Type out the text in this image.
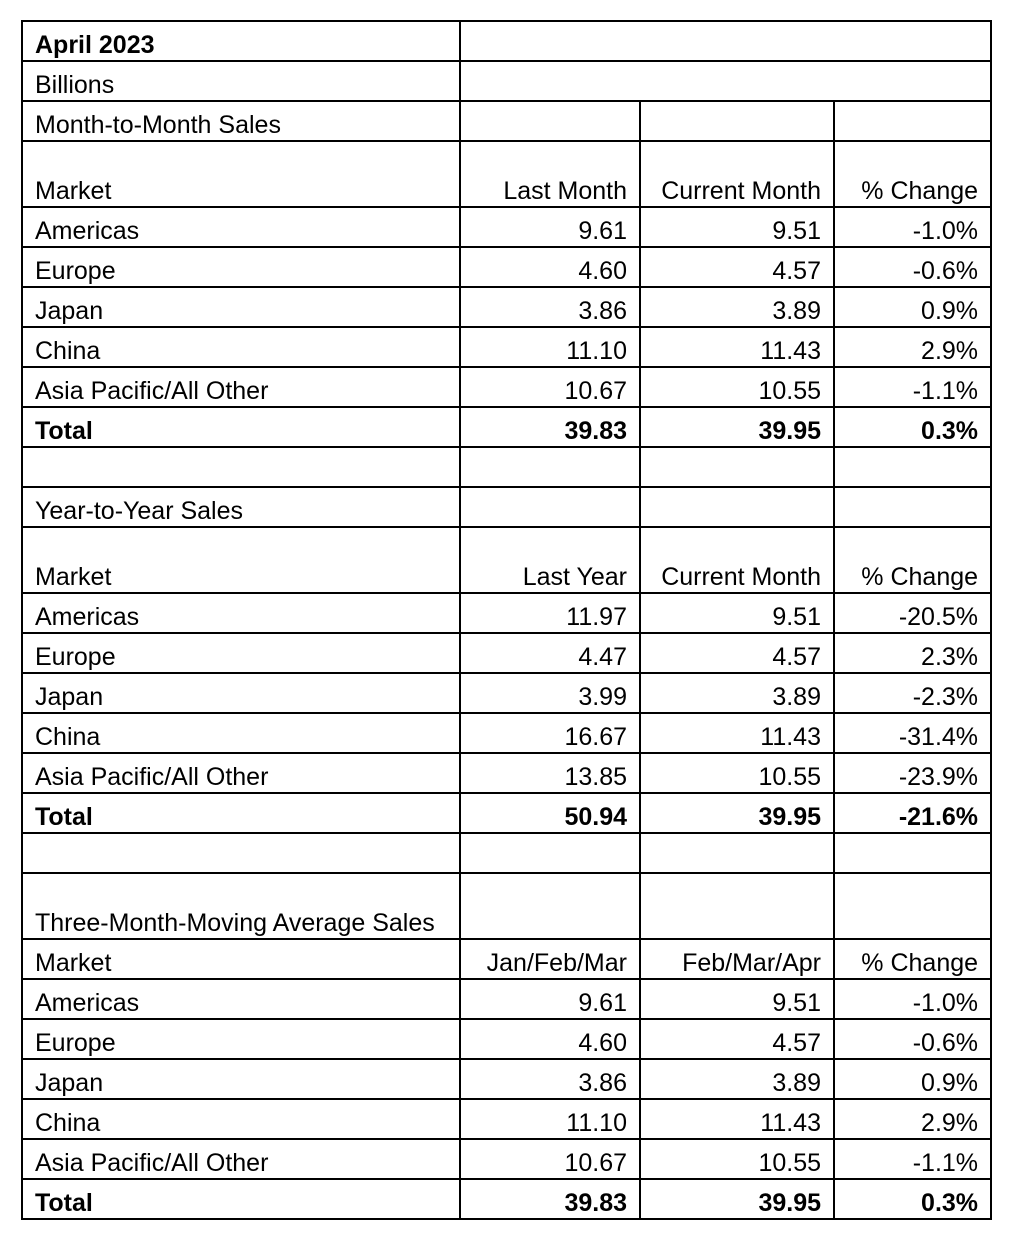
April 2023			
Billions			
Month-to-Month Sales			
Market	Last Month	Current Month	% Change
Americas	9.61	9.51	-1.0%
Europe	4.60	4.57	-0.6%
Japan	3.86	3.89	0.9%
China	11.10	11.43	2.9%
Asia Pacific/All Other	10.67	10.55	-1.1%
Total	39.83	39.95	0.3%

Year-to-Year Sales			
Market	Last Year	Current Month	% Change
Americas	11.97	9.51	-20.5%
Europe	4.47	4.57	2.3%
Japan	3.99	3.89	-2.3%
China	16.67	11.43	-31.4%
Asia Pacific/All Other	13.85	10.55	-23.9%
Total	50.94	39.95	-21.6%

Three-Month-Moving Average Sales			
Market	Jan/Feb/Mar	Feb/Mar/Apr	% Change
Americas	9.61	9.51	-1.0%
Europe	4.60	4.57	-0.6%
Japan	3.86	3.89	0.9%
China	11.10	11.43	2.9%
Asia Pacific/All Other	10.67	10.55	-1.1%
Total	39.83	39.95	0.3%
